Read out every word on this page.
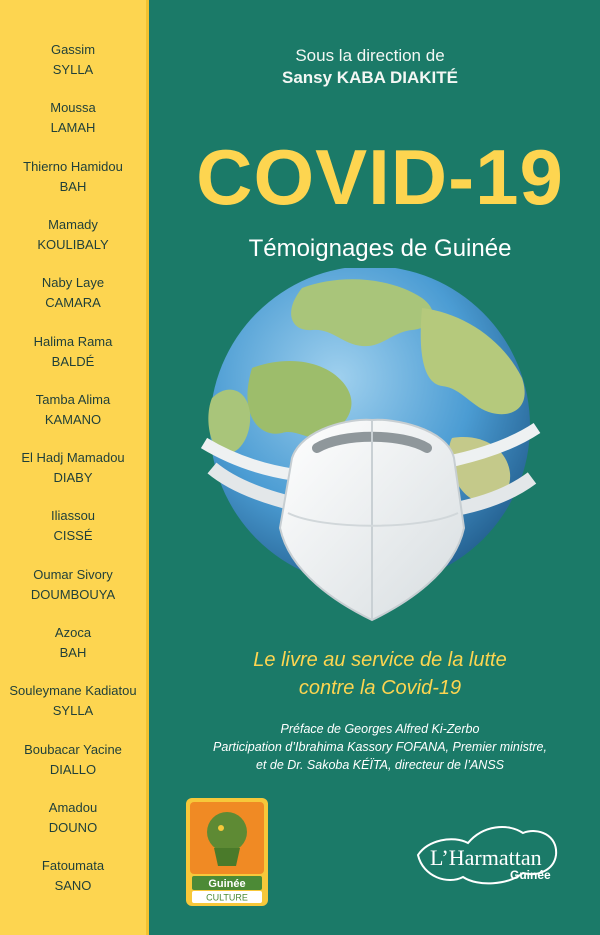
Gassim
SYLLA
Moussa
LAMAH
Thierno Hamidou
BAH
Mamady
KOULIBALY
Naby Laye
CAMARA
Halima Rama
BALDÉ
Tamba Alima
KAMANO
El Hadj Mamadou
DIABY
Iliassou
CISSÉ
Oumar Sivory
DOUMBOUYA
Azoca
BAH
Souleymane Kadiatou
SYLLA
Boubacar Yacine
DIALLO
Amadou
DOUNO
Fatoumata
SANO
Sous la direction de
Sansy KABA DIAKITÉ
COVID-19
Témoignages de Guinée
Le livre au service de la lutte
contre la Covid-19
Préface de Georges Alfred Ki-Zerbo
Participation d’Ibrahima Kassory FOFANA, Premier ministre,
et de Dr. Sakoba KÉÏTA, directeur de l’ANSS
Guinée
CULTURE
L’Harmattan
Guinée
